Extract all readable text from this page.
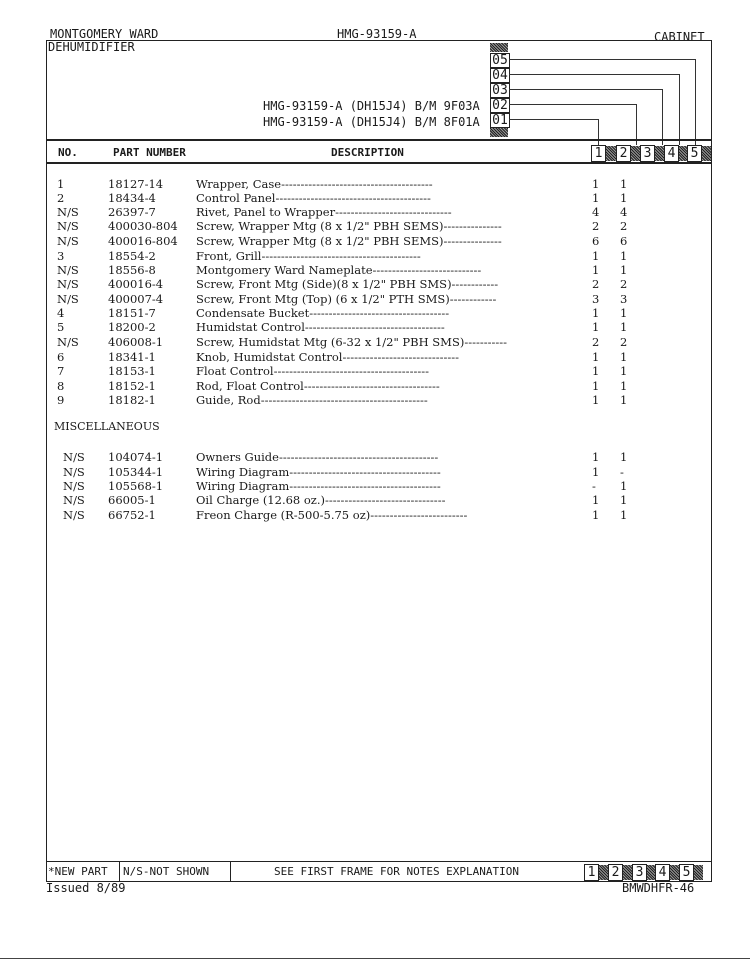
MONTGOMERY WARD	HMG-93159-A	CABINET
DEHUMIDIFIER
05
04
03
02
01
HMG-93159-A (DH15J4) B/M 9F03A
HMG-93159-A (DH15J4) B/M 8F01A
NO.	PART NUMBER	DESCRIPTION	1 2 3 4 5
1	18127-14	Wrapper, Case---------------------------------------	1 1
2	18434-4	Control Panel----------------------------------------	1 1
N/S	26397-7	Rivet, Panel to Wrapper------------------------------	4 4
N/S	400030-804 Screw, Wrapper Mtg (8 x 1/2" PBH SEMS)---------------	2 2
N/S	400016-804 Screw, Wrapper Mtg (8 x 1/2" PBH SEMS)---------------	6 6
3	18554-2	Front, Grill-----------------------------------------	1 1
N/S	18556-8	Montgomery Ward Nameplate----------------------------	1 1
N/S	400016-4	Screw, Front Mtg (Side)(8 x 1/2" PBH SMS)------------	2 2
N/S	400007-4	Screw, Front Mtg (Top) (6 x 1/2" PTH SMS)------------	3 3
4	18151-7	Condensate Bucket------------------------------------	1 1
5	18200-2	Humidstat Control------------------------------------	1 1
N/S	406008-1	Screw, Humidstat Mtg (6-32 x 1/2" PBH SMS)-----------	2 2
6	18341-1	Knob, Humidstat Control------------------------------	1 1
7	18153-1	Float Control----------------------------------------	1 1
8	18152-1	Rod, Float Control-----------------------------------	1 1
9	18182-1	Guide, Rod-------------------------------------------	1 1
MISCELLANEOUS
N/S 104074-1	Owners Guide-----------------------------------------	1 1
N/S 105344-1	Wiring Diagram---------------------------------------	1 -
N/S 105568-1	Wiring Diagram---------------------------------------	- 1
N/S 66005-1	Oil Charge (12.68 oz.)-------------------------------	1 1
N/S 66752-1	Freon Charge (R-500-5.75 oz)-------------------------	1 1
*NEW PART N/S-NOT SHOWN	SEE FIRST FRAME FOR NOTES EXPLANATION	1 2 3 4 5
Issued 8/89	BMWDHFR-46
